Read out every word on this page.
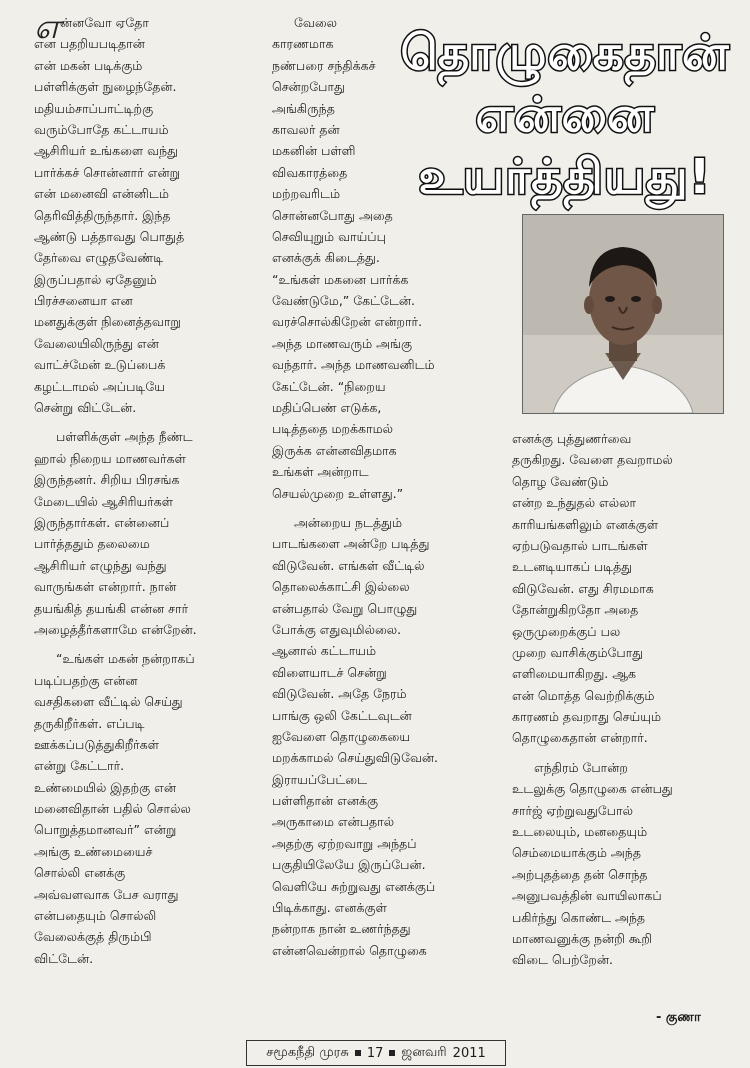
எ ன்னவோ ஏதோ
என பதறியபடிதான்
என் மகன் படிக்கும்
பள்ளிக்குள் நுழைந்தேன்.
மதியம்சாப்பாட்டிற்கு
வரும்போதே கட்டாயம்
ஆசிரியர் உங்களை வந்து
பார்க்கச் சொன்னார் என்று
என் மனைவி என்னிடம்
தெரிவித்திருந்தார். இந்த
ஆண்டு பத்தாவது பொதுத்
தேர்வை எழுதவேண்டி
இருப்பதால் ஏதேனும்
பிரச்சனையா என
மனதுக்குள் நினைத்தவாறு
வேலையிலிருந்து என்
வாட்ச்மேன் உடுப்பைக்
கழட்டாமல் அப்படியே
சென்று விட்டேன்.
பள்ளிக்குள் அந்த நீண்ட
ஹால் நிறைய மாணவர்கள்
இருந்தனர். சிறிய பிரசங்க
மேடையில் ஆசிரியர்கள்
இருந்தார்கள். என்னைப்
பார்த்ததும் தலைமை
ஆசிரியர் எழுந்து வந்து
வாருங்கள் என்றார். நான்
தயங்கித் தயங்கி என்ன சார்
அழைத்தீர்களாமே என்றேன்.
“உங்கள் மகன் நன்றாகப்
படிப்பதற்கு என்ன
வசதிகளை வீட்டில் செய்து
தருகிறீர்கள். எப்படி
ஊக்கப்படுத்துகிறீர்கள்
என்று கேட்டார்.
உண்மையில் இதற்கு என்
மனைவிதான் பதில் சொல்ல
பொறுத்தமானவர்” என்று
அங்கு உண்மையைச்
சொல்லி எனக்கு
அவ்வளவாக பேச வராது
என்பதையும் சொல்லி
வேலைக்குத் திரும்பி
விட்டேன்.
வேலை
காரணமாக
நண்பரை சந்திக்கச்
சென்றபோது
அங்கிருந்த
காவலர் தன்
மகனின் பள்ளி
விவகாரத்தை
மற்றவரிடம்
சொன்னபோது அதை
செவியுறும் வாய்ப்பு
எனக்குக் கிடைத்து.
“உங்கள் மகனை பார்க்க
வேண்டுமே,” கேட்டேன்.
வரச்சொல்கிறேன் என்றார்.
அந்த மாணவரும் அங்கு
வந்தார். அந்த மாணவனிடம்
கேட்டேன். “நிறைய
மதிப்பெண் எடுக்க,
படித்ததை மறக்காமல்
இருக்க என்னவிதமாக
உங்கள் அன்றாட
செயல்முறை உள்ளது.”
அன்றைய நடத்தும்
பாடங்களை அன்றே படித்து
விடுவேன். எங்கள் வீட்டில்
தொலைக்காட்சி இல்லை
என்பதால் வேறு பொழுது
போக்கு எதுவுமில்லை.
ஆனால் கட்டாயம்
விளையாடச் சென்று
விடுவேன். அதே நேரம்
பாங்கு ஒலி கேட்டவுடன்
ஐவேளை தொழுகையை
மறக்காமல் செய்துவிடுவேன்.
இராயப்பேட்டை
பள்ளிதான் எனக்கு
அருகாமை என்பதால்
அதற்கு ஏற்றவாறு அந்தப்
பகுதியிலேயே இருப்பேன்.
வெளியே சுற்றுவது எனக்குப்
பிடிக்காது. எனக்குள்
நன்றாக நான் உணர்ந்தது
என்னவென்றால் தொழுகை
தொழுகைதான்
என்னை
உயர்த்தியது!
எனக்கு புத்துணர்வை
தருகிறது. வேளை தவறாமல்
தொழ வேண்டும்
என்ற உந்துதல் எல்லா
காரியங்களிலும் எனக்குள்
ஏற்படுவதால் பாடங்கள்
உடனடியாகப் படித்து
விடுவேன். எது சிரமமாக
தோன்றுகிறதோ அதை
ஒருமுறைக்குப் பல
முறை வாசிக்கும்போது
எளிமையாகிறது. ஆக
என் மொத்த வெற்றிக்கும்
காரணம் தவறாது செய்யும்
தொழுகைதான் என்றார்.
எந்திரம் போன்ற
உடலுக்கு தொழுகை என்பது
சார்ஜ் ஏற்றுவதுபோல்
உடலையும், மனதையும்
செம்மையாக்கும் அந்த
அற்புதத்தை தன் சொந்த
அனுபவத்தின் வாயிலாகப்
பகிர்ந்து கொண்ட அந்த
மாணவனுக்கு நன்றி கூறி
விடை பெற்றேன்.
- குணா
சமூகநீதி முரசு 17 ஜனவரி 2011
